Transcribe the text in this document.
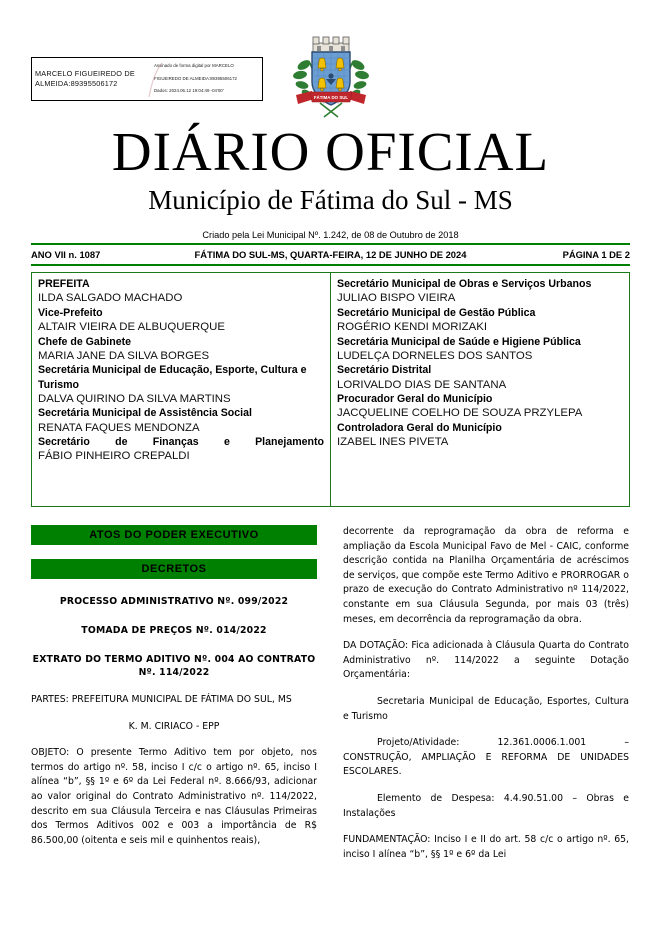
MARCELO FIGUEIREDO DE
ALMEIDA:89395506172
Assinado de forma digital por MARCELO

FIGUEIREDO DE ALMEIDA:89395506172

Dados: 2024.06.12 19:04:49 -04'00'
FÁTIMA DO SUL
DIÁRIO OFICIAL
Município de Fátima do Sul - MS
Criado pela Lei Municipal Nº. 1.242, de 08 de Outubro de 2018
ANO VII n. 1087	FÁTIMA DO SUL-MS, QUARTA-FEIRA, 12 DE JUNHO DE 2024	PÁGINA 1 DE 2
PREFEITA
ILDA SALGADO MACHADO
Vice-Prefeito
ALTAIR VIEIRA DE ALBUQUERQUE
Chefe de Gabinete
MARIA JANE DA SILVA BORGES
Secretária Municipal de Educação, Esporte, Cultura e Turismo
DALVA QUIRINO DA SILVA MARTINS
Secretária Municipal de Assistência Social
RENATA FAQUES MENDONZA
Secretário de Finanças e Planejamento
FÁBIO PINHEIRO CREPALDI
Secretário Municipal de Obras e Serviços Urbanos
JULIAO BISPO VIEIRA
Secretário Municipal de Gestão Pública
ROGÉRIO KENDI MORIZAKI
Secretária Municipal de Saúde e Higiene Pública
LUDELÇA DORNELES DOS SANTOS
Secretário Distrital
LORIVALDO DIAS DE SANTANA
Procurador Geral do Município
JACQUELINE COELHO DE SOUZA PRZYLEPA
Controladora Geral do Município
IZABEL INES PIVETA
ATOS DO PODER EXECUTIVO
DECRETOS
PROCESSO ADMINISTRATIVO Nº. 099/2022
TOMADA DE PREÇOS Nº. 014/2022
EXTRATO DO TERMO ADITIVO Nº. 004 AO CONTRATO Nº. 114/2022

PARTES: PREFEITURA MUNICIPAL DE FÁTIMA DO SUL, MS

K. M. CIRIACO - EPP

OBJETO: O presente Termo Aditivo tem por objeto, nos termos do artigo nº. 58, inciso I c/c o artigo nº. 65, inciso I alínea “b”, §§ 1º e 6º da Lei Federal nº. 8.666/93, adicionar ao valor original do Contrato Administrativo nº. 114/2022, descrito em sua Cláusula Terceira e nas Cláusulas Primeiras dos Termos Aditivos 002 e 003 a importância de R$ 86.500,00 (oitenta e seis mil e quinhentos reais),

decorrente da reprogramação da obra de reforma e ampliação da Escola Municipal Favo de Mel - CAIC, conforme descrição contida na Planilha Orçamentária de acréscimos de serviços, que compõe este Termo Aditivo e PRORROGAR o prazo de execução do Contrato Administrativo nº 114/2022, constante em sua Cláusula Segunda, por mais 03 (três) meses, em decorrência da reprogramação da obra.

DA DOTAÇÃO: Fica adicionada à Cláusula Quarta do Contrato Administrativo nº. 114/2022 a seguinte Dotação Orçamentária:

Secretaria Municipal de Educação, Esportes, Cultura e Turismo

Projeto/Atividade: 12.361.0006.1.001 – CONSTRUÇÃO, AMPLIAÇÃO E REFORMA DE UNIDADES ESCOLARES.

Elemento de Despesa: 4.4.90.51.00 – Obras e Instalações

FUNDAMENTAÇÃO: Inciso I e II do art. 58 c/c o artigo nº. 65, inciso I alínea “b”, §§ 1º e 6º da Lei
